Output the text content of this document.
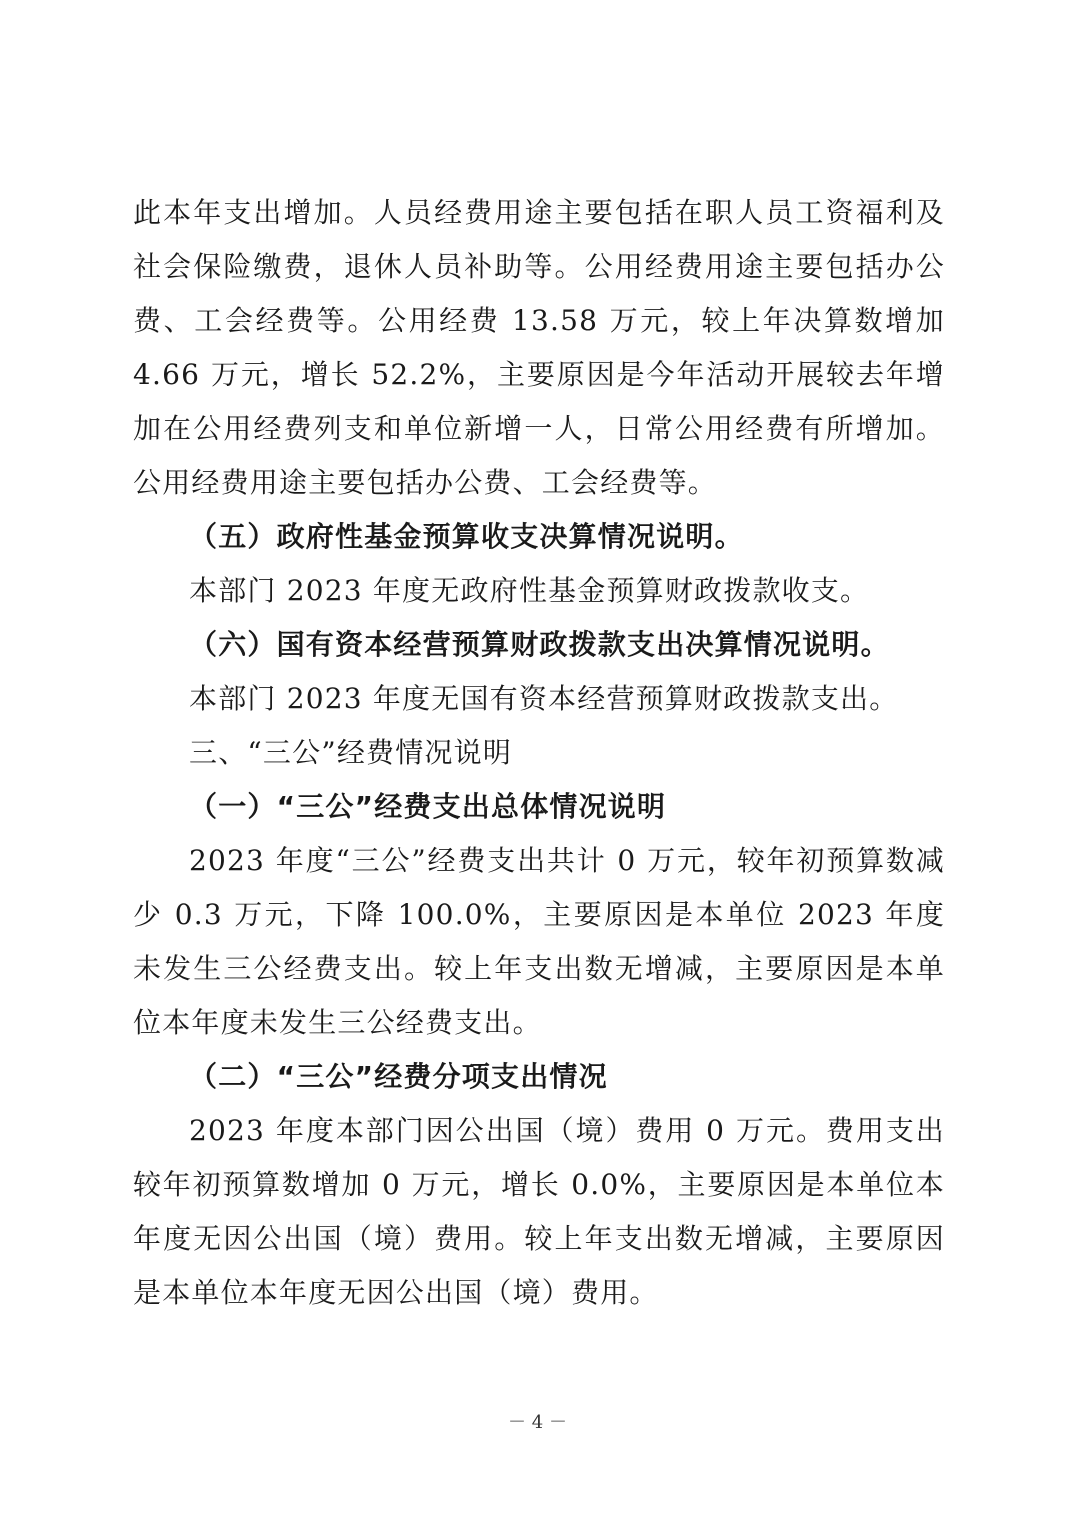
此本年支出增加。人员经费用途主要包括在职人员工资福利及社会保险缴费，退休人员补助等。公用经费用途主要包括办公费、工会经费等。公用经费 13.58 万元，较上年决算数增加 4.66 万元，增长 52.2%，主要原因是今年活动开展较去年增加在公用经费列支和单位新增一人，日常公用经费有所增加。公用经费用途主要包括办公费、工会经费等。

（五）政府性基金预算收支决算情况说明。

本部门 2023 年度无政府性基金预算财政拨款收支。

（六）国有资本经营预算财政拨款支出决算情况说明。

本部门 2023 年度无国有资本经营预算财政拨款支出。

三、“三公”经费情况说明

（一）“三公”经费支出总体情况说明

2023 年度“三公”经费支出共计 0 万元，较年初预算数减少 0.3 万元，下降 100.0%，主要原因是本单位 2023 年度未发生三公经费支出。较上年支出数无增减，主要原因是本单位本年度未发生三公经费支出。

（二）“三公”经费分项支出情况

2023 年度本部门因公出国（境）费用 0 万元。费用支出较年初预算数增加 0 万元，增长 0.0%，主要原因是本单位本年度无因公出国（境）费用。较上年支出数无增减，主要原因是本单位本年度无因公出国（境）费用。

－ 4 －
